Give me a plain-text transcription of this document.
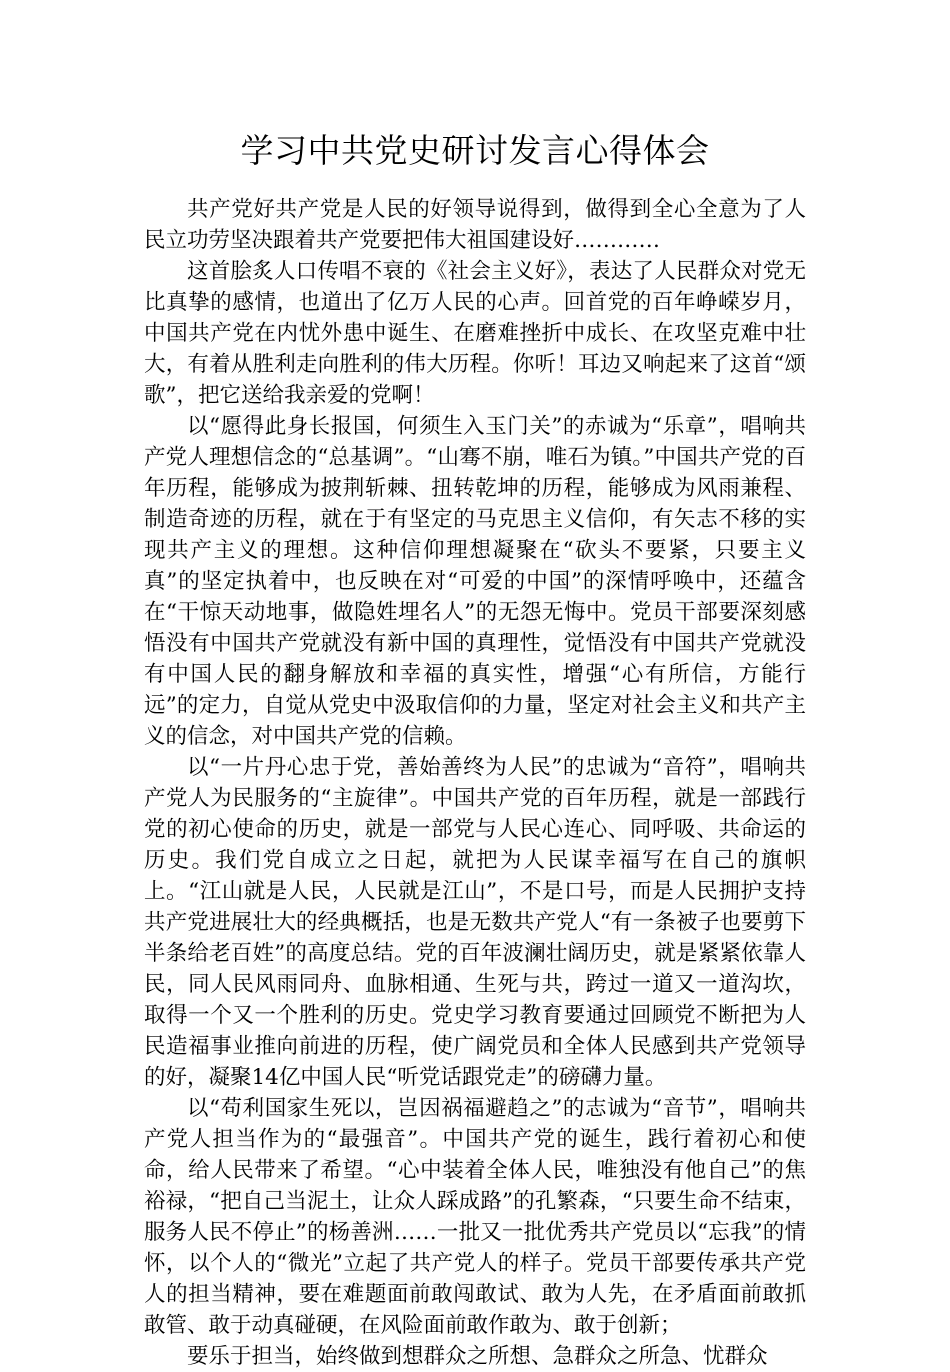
学习中共党史研讨发言心得体会

共产党好共产党是人民的好领导说得到，做得到全心全意为了人民立功劳坚决跟着共产党要把伟大祖国建设好…………

这首脍炙人口传唱不衰的《社会主义好》，表达了人民群众对党无比真挚的感情，也道出了亿万人民的心声。回首党的百年峥嵘岁月，中国共产党在内忧外患中诞生、在磨难挫折中成长、在攻坚克难中壮大，有着从胜利走向胜利的伟大历程。你听！耳边又响起来了这首“颂歌”，把它送给我亲爱的党啊！

以“愿得此身长报国，何须生入玉门关”的赤诚为“乐章”，唱响共产党人理想信念的“总基调”。“山骞不崩，唯石为镇。”中国共产党的百年历程，能够成为披荆斩棘、扭转乾坤的历程，能够成为风雨兼程、制造奇迹的历程，就在于有坚定的马克思主义信仰，有矢志不移的实现共产主义的理想。这种信仰理想凝聚在“砍头不要紧，只要主义真”的坚定执着中，也反映在对“可爱的中国”的深情呼唤中，还蕴含在“干惊天动地事，做隐姓埋名人”的无怨无悔中。党员干部要深刻感悟没有中国共产党就没有新中国的真理性，觉悟没有中国共产党就没有中国人民的翻身解放和幸福的真实性，增强“心有所信，方能行远”的定力，自觉从党史中汲取信仰的力量，坚定对社会主义和共产主义的信念，对中国共产党的信赖。

以“一片丹心忠于党，善始善终为人民”的忠诚为“音符”，唱响共产党人为民服务的“主旋律”。中国共产党的百年历程，就是一部践行党的初心使命的历史，就是一部党与人民心连心、同呼吸、共命运的历史。我们党自成立之日起，就把为人民谋幸福写在自己的旗帜上。“江山就是人民，人民就是江山”，不是口号，而是人民拥护支持共产党进展壮大的经典概括，也是无数共产党人“有一条被子也要剪下半条给老百姓”的高度总结。党的百年波澜壮阔历史，就是紧紧依靠人民，同人民风雨同舟、血脉相通、生死与共，跨过一道又一道沟坎，取得一个又一个胜利的历史。党史学习教育要通过回顾党不断把为人民造福事业推向前进的历程，使广阔党员和全体人民感到共产党领导的好，凝聚14亿中国人民“听党话跟党走”的磅礴力量。

以“苟利国家生死以，岂因祸福避趋之”的志诚为“音节”，唱响共产党人担当作为的“最强音”。中国共产党的诞生，践行着初心和使命，给人民带来了希望。“心中装着全体人民，唯独没有他自己”的焦裕禄，“把自己当泥土，让众人踩成路”的孔繁森，“只要生命不结束，服务人民不停止”的杨善洲……一批又一批优秀共产党员以“忘我”的情怀，以个人的“微光”立起了共产党人的样子。党员干部要传承共产党人的担当精神，要在难题面前敢闯敢试、敢为人先，在矛盾面前敢抓敢管、敢于动真碰硬，在风险面前敢作敢为、敢于创新；

要乐于担当，始终做到想群众之所想、急群众之所急、忧群众
